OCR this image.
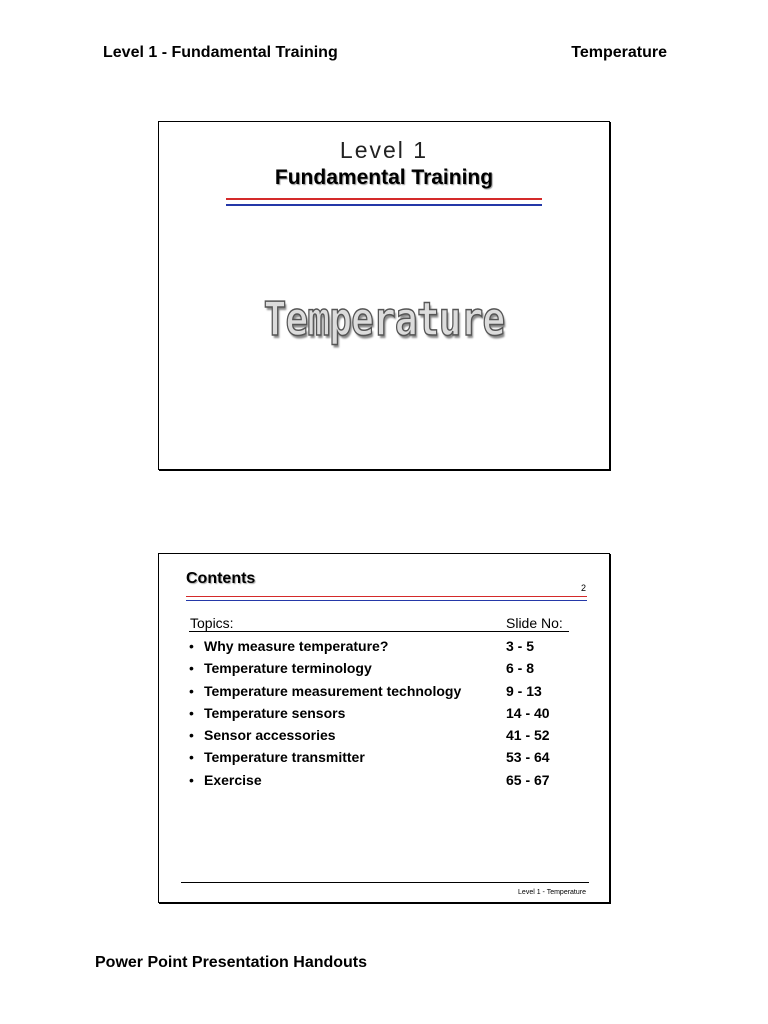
Level 1 - Fundamental Training	Temperature
Level 1
Fundamental Training
Temperature
Contents
2
Topics:	Slide No:
• Why measure temperature?	3 - 5
• Temperature terminology	6 - 8
• Temperature measurement technology	9 - 13
• Temperature sensors	14 - 40
• Sensor accessories	41 - 52
• Temperature transmitter	53 - 64
• Exercise	65 - 67
Level 1 - Temperature
Power Point Presentation Handouts
